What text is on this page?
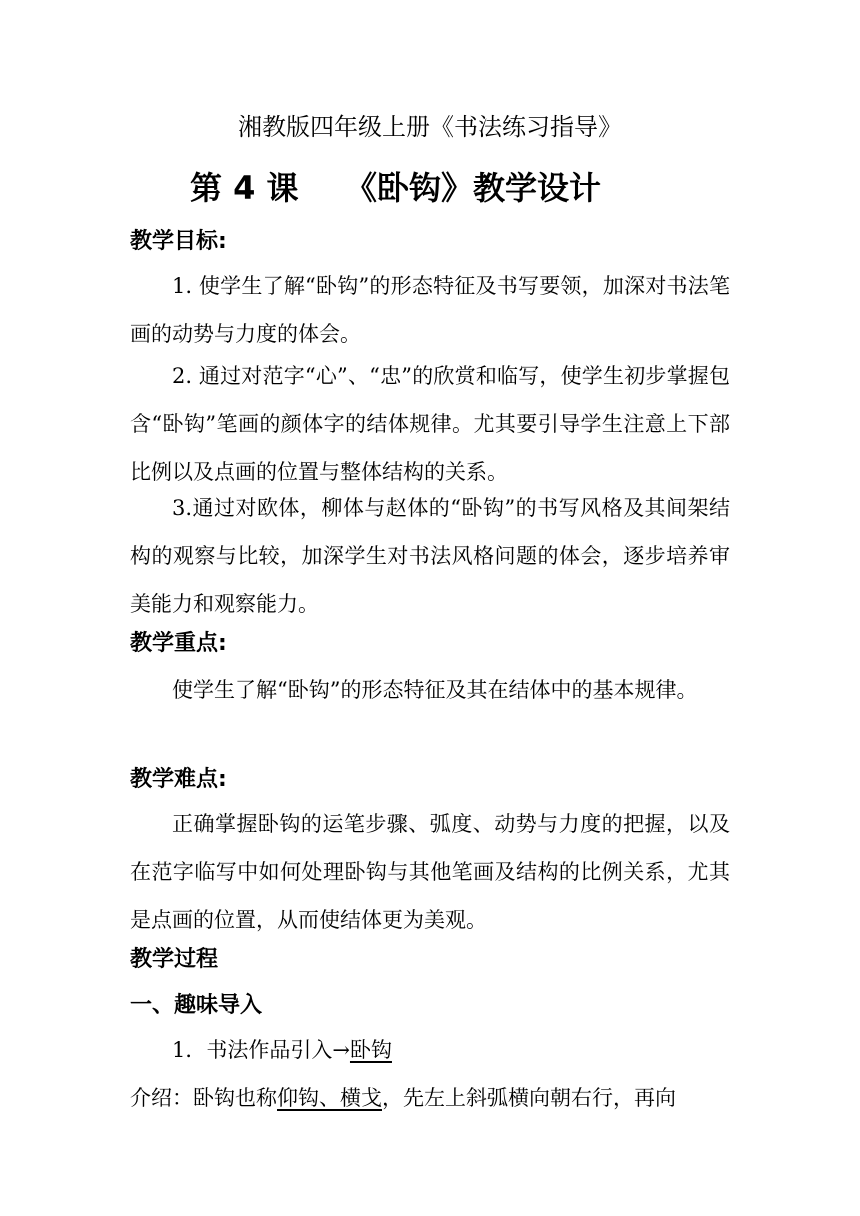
湘教版四年级上册《书法练习指导》
第 4 课 《卧钩》教学设计
教学目标:

1. 使学生了解“卧钩”的形态特征及书写要领，加深对书法笔画的动势与力度的体会。

2. 通过对范字“心”、“忠”的欣赏和临写，使学生初步掌握包含“卧钩”笔画的颜体字的结体规律。尤其要引导学生注意上下部比例以及点画的位置与整体结构的关系。

3.通过对欧体，柳体与赵体的“卧钩”的书写风格及其间架结构的观察与比较，加深学生对书法风格问题的体会，逐步培养审美能力和观察能力。

教学重点:

使学生了解“卧钩”的形态特征及其在结体中的基本规律。

教学难点:

正确掌握卧钩的运笔步骤、弧度、动势与力度的把握，以及在范字临写中如何处理卧钩与其他笔画及结构的比例关系，尤其是点画的位置，从而使结体更为美观。

教学过程
一、趣味导入

1．书法作品引入→卧钩

介绍：卧钩也称仰钩、横戈，先左上斜弧横向朝右行，再向
